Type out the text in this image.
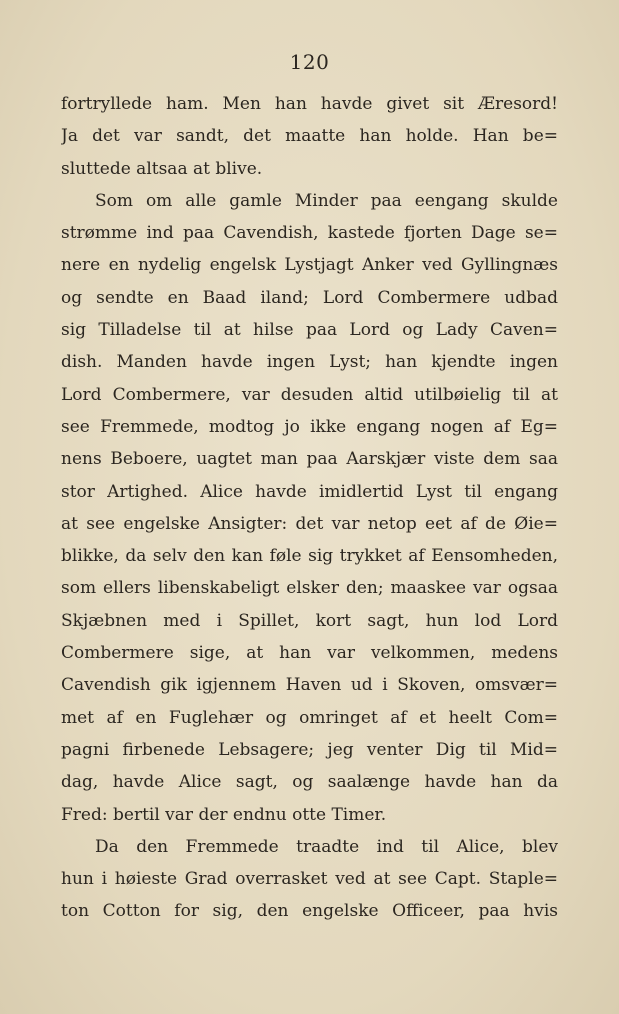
120
fortrylledе ham. Men han havde givet sit Æresord!
Ja det var sandt, det maatte han holde. Han be=
sluttede altsaa at blive.
Som om alle gamle Minder paa eengang skulde
strømme ind paa Cavendish, kastede fjorten Dage se=
nere en nydelig engelsk Lystjagt Anker ved Gyllingnæs
og sendte en Baad iland; Lord Combermere udbad
sig Tilladelse til at hilse paa Lord og Lady Caven=
dish. Manden havde ingen Lyst; han kjendte ingen
Lord Combermere, var desuden altid utilbøielig til at
see Fremmede, modtog jo ikke engang nogen af Eg=
nens Beboere, uagtet man paa Aarskjær viste dem saa
stor Artighed. Alice havde imidlertid Lyst til engang
at see engelske Ansigter: det var netop eet af de Øie=
blikke, da selv den kan føle sig trykket af Eensomheden,
som ellers libenskabeligt elsker den; maaskee var ogsaa
Skjæbnen med i Spillet, kort sagt, hun lod Lord
Combermere sige, at han var velkommen, medens
Cavendish gik igjennem Haven ud i Skoven, omsvær=
met af en Fuglehær og omringet af et heelt Com=
pagni firbenede Lebsagere; jeg venter Dig til Mid=
dag, havde Alice sagt, og saalænge havde han da
Fred: bertil var der endnu otte Timer.
Da den Fremmede traadte ind til Alice, blev
hun i høieste Grad overrasket ved at see Capt. Staple=
ton Cotton for sig, den engelske Officeer, paa hvis
